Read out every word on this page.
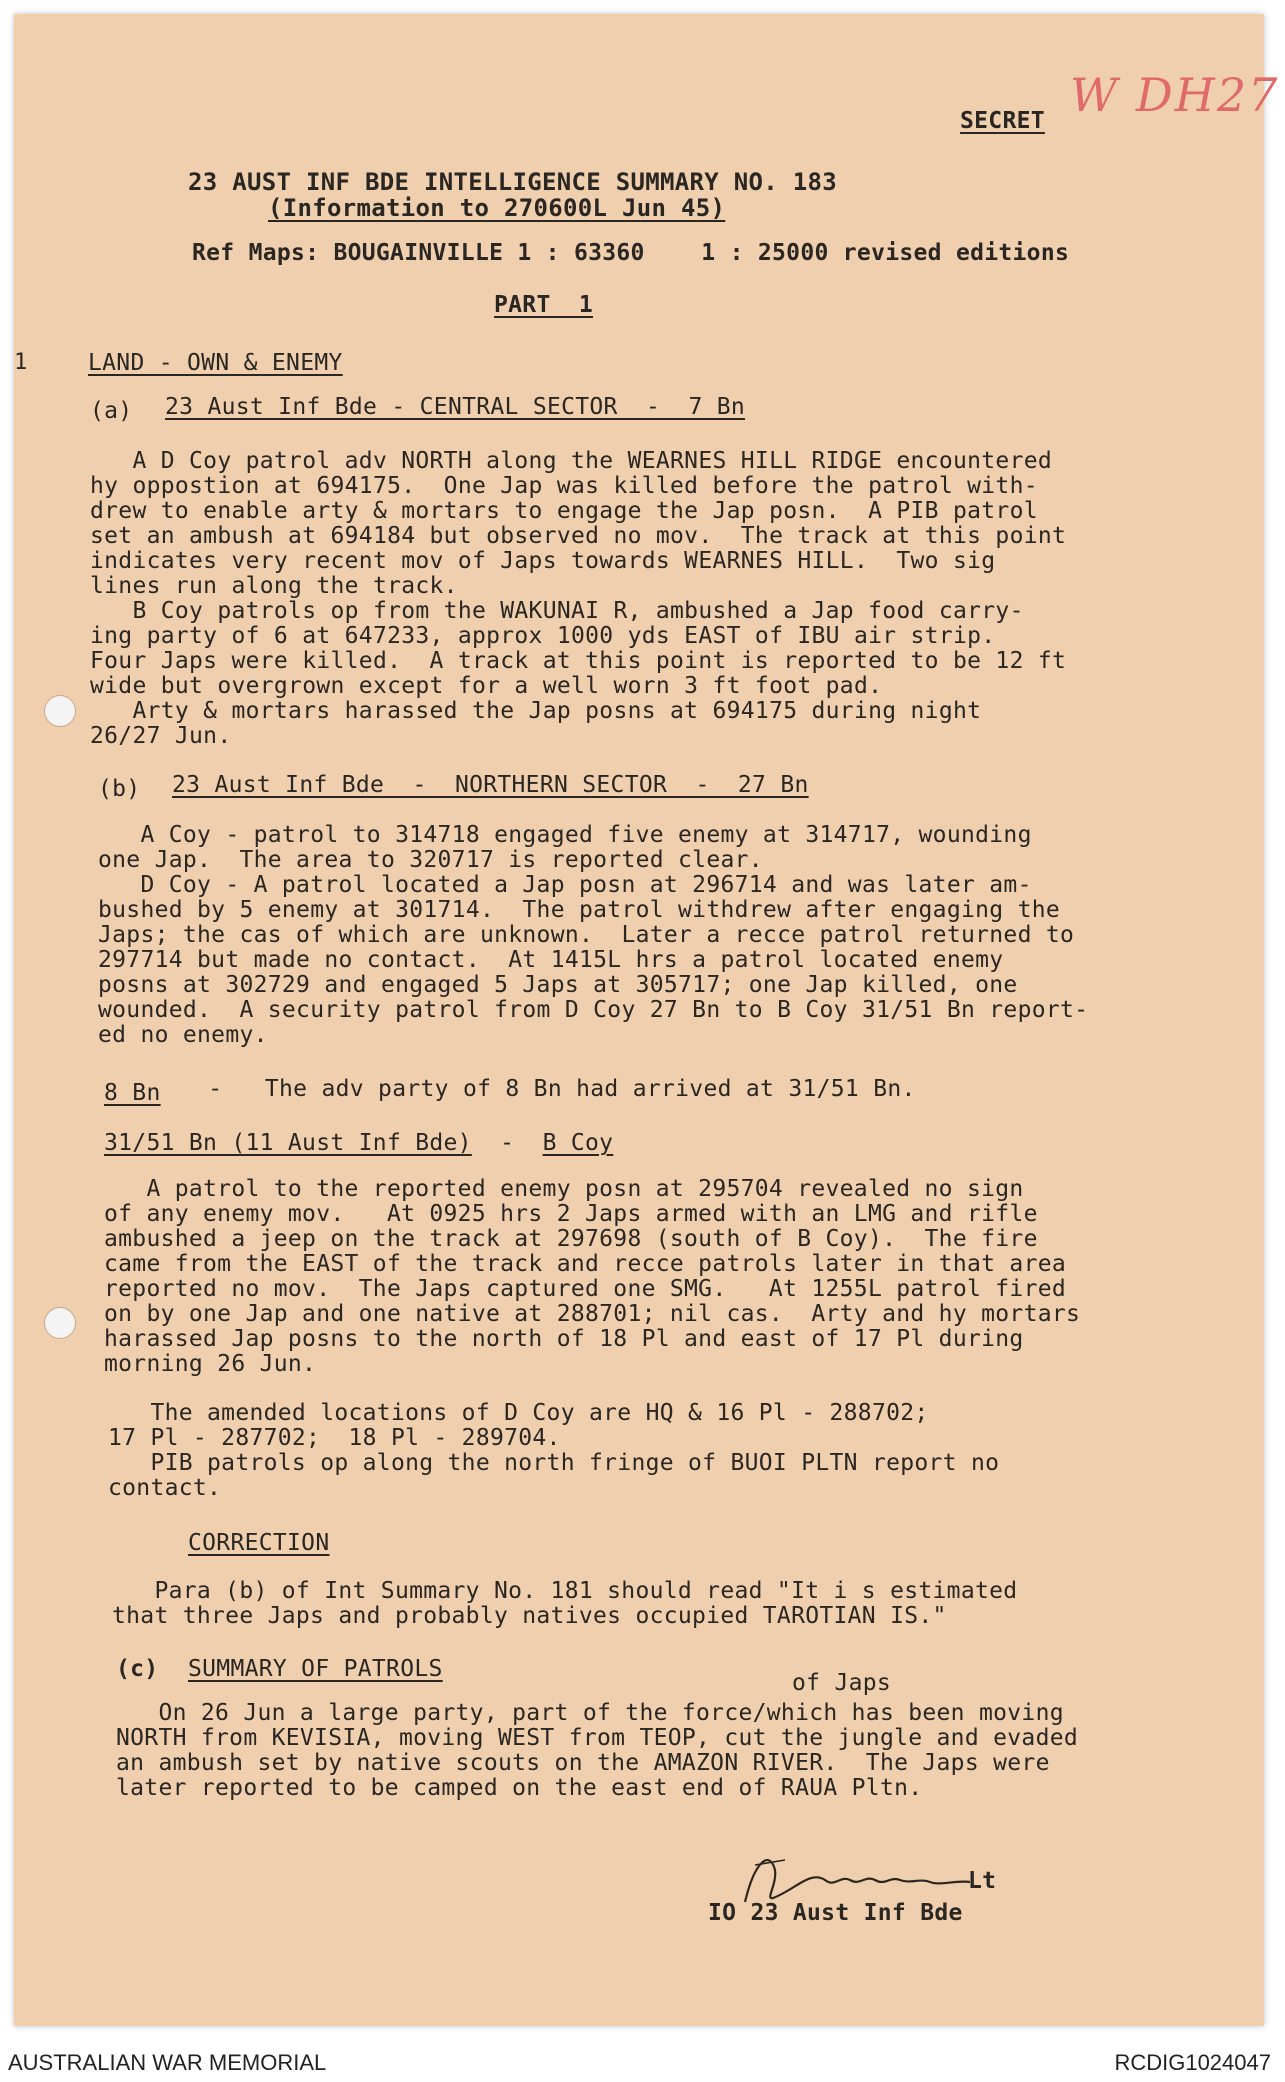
W DH27
SECRET
23 AUST INF BDE INTELLIGENCE SUMMARY NO. 183
(Information to 270600L Jun 45)
Ref Maps: BOUGAINVILLE 1 : 63360    1 : 25000 revised editions
PART  1
1	LAND - OWN & ENEMY
(a) 23 Aust Inf Bde - CENTRAL SECTOR  -  7 Bn
A D Coy patrol adv NORTH along the WEARNES HILL RIDGE encountered
hy oppostion at 694175.  One Jap was killed before the patrol with-
drew to enable arty & mortars to engage the Jap posn.  A PIB patrol
set an ambush at 694184 but observed no mov.  The track at this point
indicates very recent mov of Japs towards WEARNES HILL.  Two sig
lines run along the track.
B Coy patrols op from the WAKUNAI R, ambushed a Jap food carry-
ing party of 6 at 647233, approx 1000 yds EAST of IBU air strip.
Four Japs were killed.  A track at this point is reported to be 12 ft
wide but overgrown except for a well worn 3 ft foot pad.
Arty & mortars harassed the Jap posns at 694175 during night
26/27 Jun.
(b) 23 Aust Inf Bde  -  NORTHERN SECTOR  -  27 Bn
A Coy - patrol to 314718 engaged five enemy at 314717, wounding
one Jap.  The area to 320717 is reported clear.
D Coy - A patrol located a Jap posn at 296714 and was later am-
bushed by 5 enemy at 301714.  The patrol withdrew after engaging the
Japs; the cas of which are unknown.  Later a recce patrol returned to
297714 but made no contact.  At 1415L hrs a patrol located enemy
posns at 302729 and engaged 5 Japs at 305717; one Jap killed, one
wounded.  A security patrol from D Coy 27 Bn to B Coy 31/51 Bn report-
ed no enemy.
8 Bn -   The adv party of 8 Bn had arrived at 31/51 Bn.
31/51 Bn (11 Aust Inf Bde)  -  B Coy
A patrol to the reported enemy posn at 295704 revealed no sign
of any enemy mov.   At 0925 hrs 2 Japs armed with an LMG and rifle
ambushed a jeep on the track at 297698 (south of B Coy).  The fire
came from the EAST of the track and recce patrols later in that area
reported no mov.  The Japs captured one SMG.   At 1255L patrol fired
on by one Jap and one native at 288701; nil cas.  Arty and hy mortars
harassed Jap posns to the north of 18 Pl and east of 17 Pl during
morning 26 Jun.
The amended locations of D Coy are HQ & 16 Pl - 288702;
17 Pl - 287702;  18 Pl - 289704.
PIB patrols op along the north fringe of BUOI PLTN report no
contact.
CORRECTION
Para (b) of Int Summary No. 181 should read "It i s estimated
that three Japs and probably natives occupied TAROTIAN IS."
(c) SUMMARY OF PATROLS
of Japs
On 26 Jun a large party, part of the force/which has been moving
NORTH from KEVISIA, moving WEST from TEOP, cut the jungle and evaded
an ambush set by native scouts on the AMAZON RIVER.  The Japs were
later reported to be camped on the east end of RAUA Pltn.
Lt
IO 23 Aust Inf Bde
AUSTRALIAN WAR MEMORIAL	RCDIG1024047
